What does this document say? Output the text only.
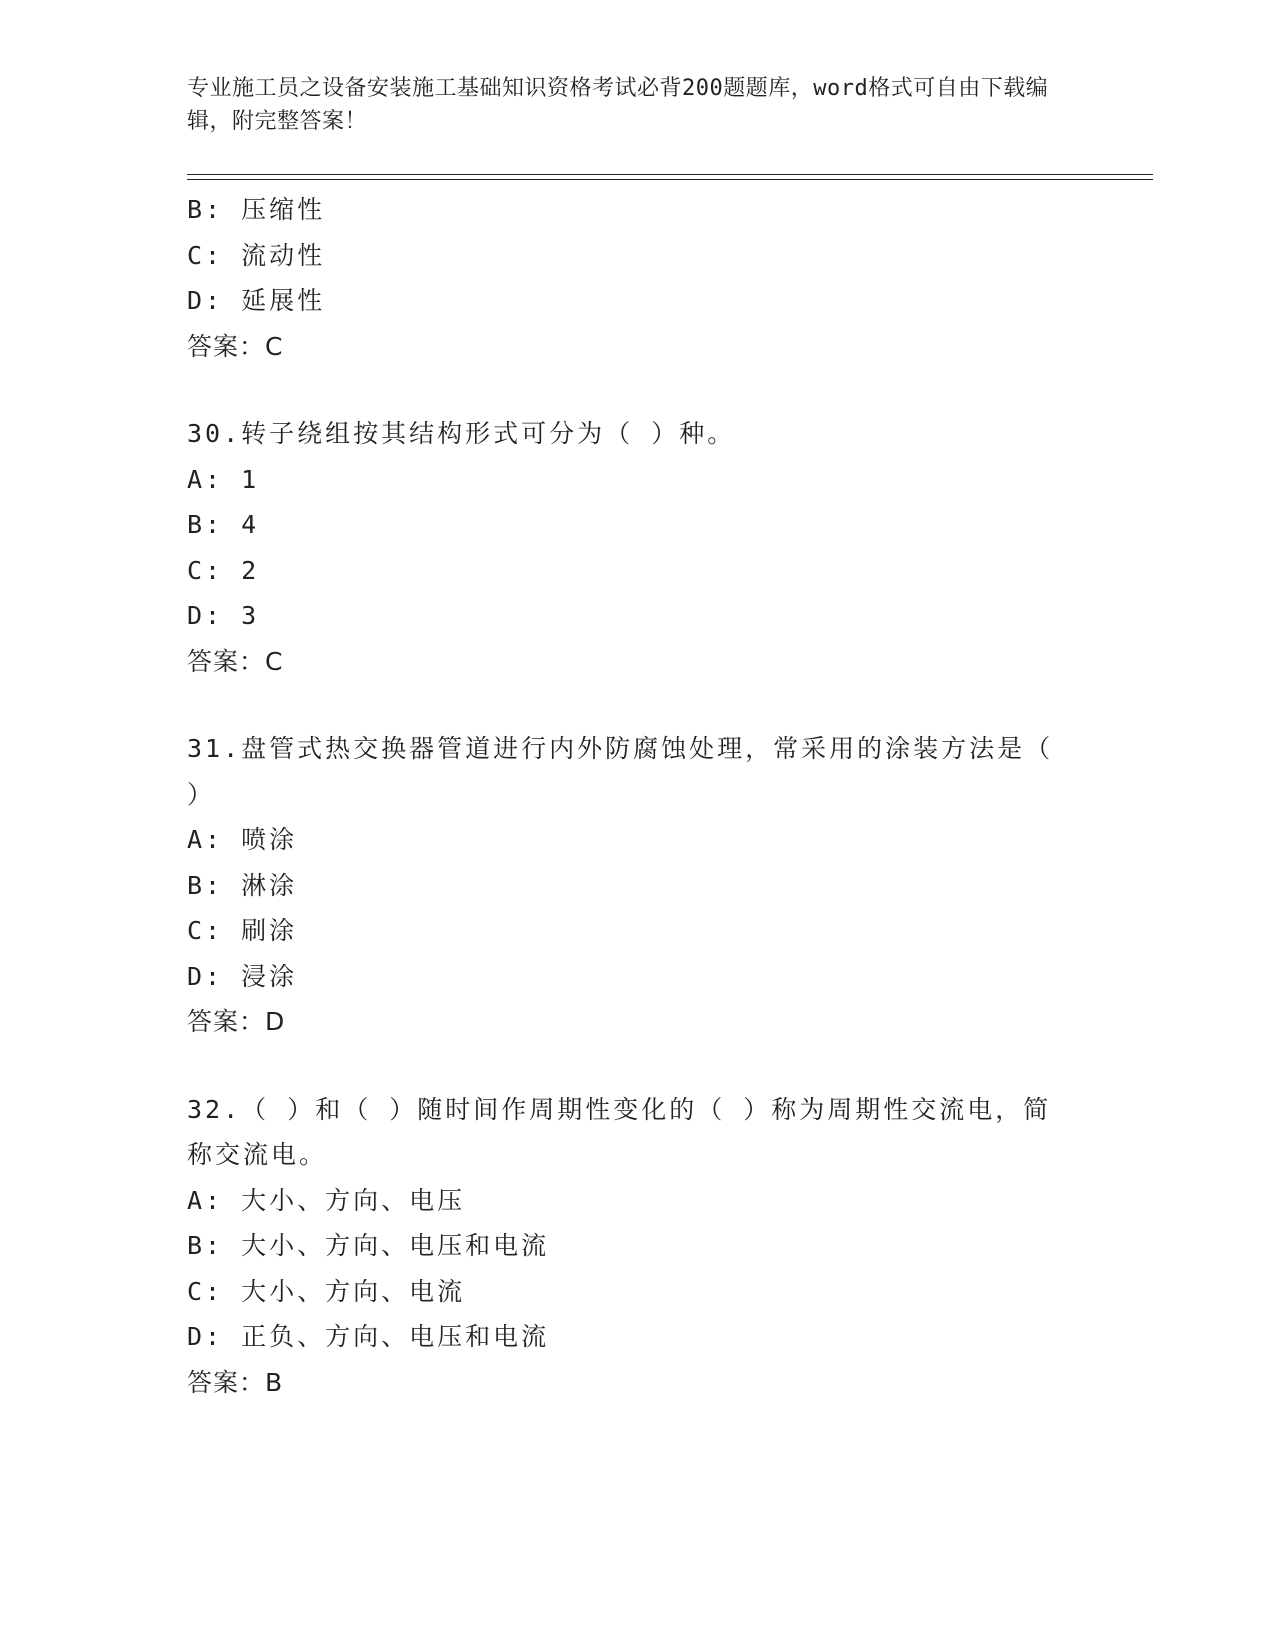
专业施工员之设备安装施工基础知识资格考试必背200题题库，word格式可自由下载编辑，附完整答案！
B: 压缩性
C: 流动性
D: 延展性
答案：C
30.转子绕组按其结构形式可分为（ ）种。
A: 1
B: 4
C: 2
D: 3
答案：C
31.盘管式热交换器管道进行内外防腐蚀处理，常采用的涂装方法是（
）
A: 喷涂
B: 淋涂
C: 刷涂
D: 浸涂
答案：D
32.（ ）和（ ）随时间作周期性变化的（ ）称为周期性交流电，简
称交流电。
A: 大小、方向、电压
B: 大小、方向、电压和电流
C: 大小、方向、电流
D: 正负、方向、电压和电流
答案：B
